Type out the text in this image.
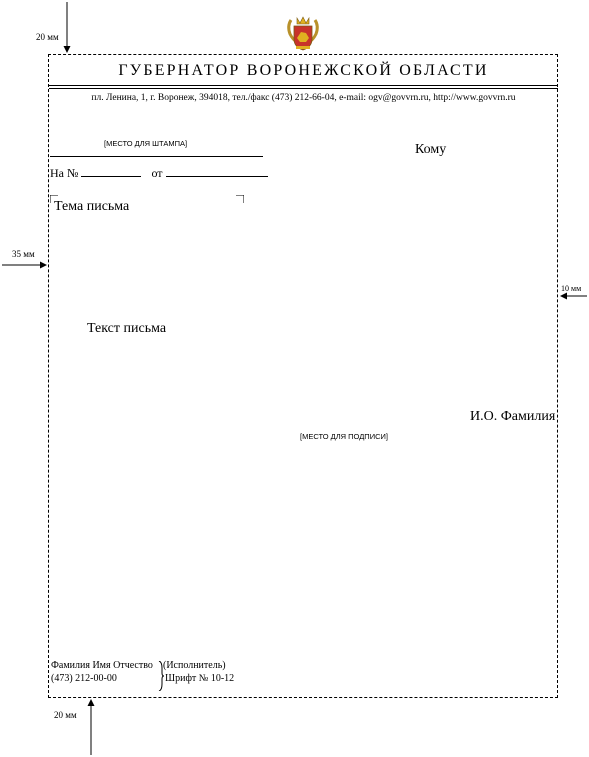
20 мм
35 мм
10 мм
20 мм
ГУБЕРНАТОР ВОРОНЕЖСКОЙ ОБЛАСТИ
пл. Ленина, 1, г. Воронеж, 394018, тел./факс (473) 212-66-04, e-mail: ogv@govvrn.ru, http://www.govvrn.ru
[МЕСТО ДЛЯ ШТАМПА]
На №	от
Кому
Тема письма
Текст письма
И.О. Фамилия
[МЕСТО ДЛЯ ПОДПИСИ]
Фамилия Имя Отчество
(473) 212-00-00
(Исполнитель)
Шрифт № 10-12
